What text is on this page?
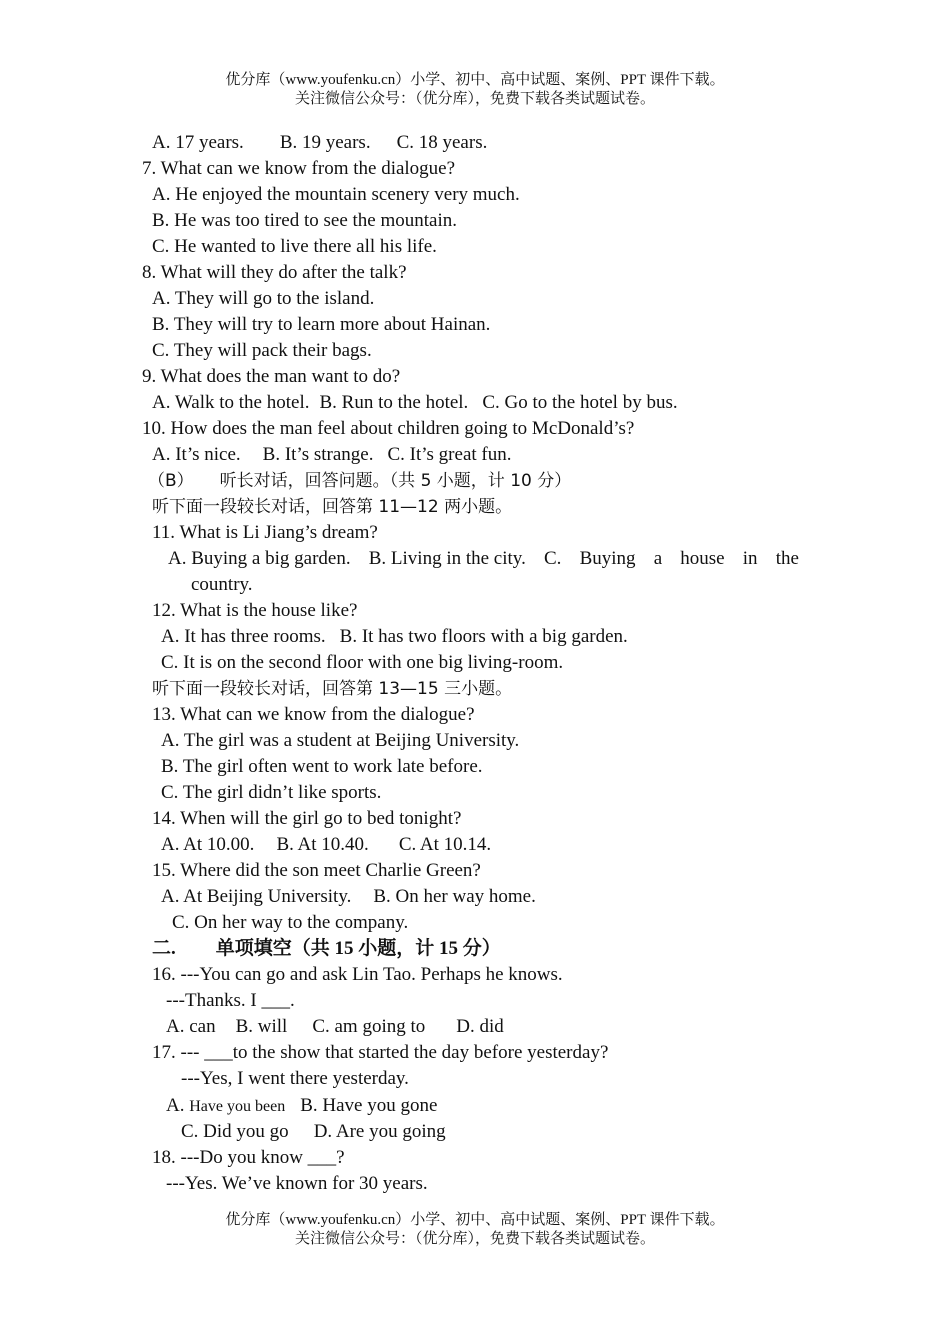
优分库（www.youfenku.cn）小学、初中、高中试题、案例、PPT 课件下载。
关注微信公众号：（优分库），免费下载各类试题试卷。
A. 17 years. B. 19 years. C. 18 years.
7. What can we know from the dialogue?
A. He enjoyed the mountain scenery very much.
B. He was too tired to see the mountain.
C. He wanted to live there all his life.
8. What will they do after the talk?
A. They will go to the island.
B. They will try to learn more about Hainan.
C. They will pack their bags.
9. What does the man want to do?
A. Walk to the hotel. B. Run to the hotel. C. Go to the hotel by bus.
10. How does the man feel about children going to McDonald’s?
A. It’s nice. B. It’s strange. C. It’s great fun.
（B） 听长对话，回答问题。（共 5 小题，计 10 分）
听下面一段较长对话，回答第 11—12 两小题。
11. What is Li Jiang’s dream?
A. Buying a big garden. B. Living in the city. C. Buying a house in the
country.
12. What is the house like?
A. It has three rooms. B. It has two floors with a big garden.
C. It is on the second floor with one big living-room.
听下面一段较长对话，回答第 13—15 三小题。
13. What can we know from the dialogue?
A. The girl was a student at Beijing University.
B. The girl often went to work late before.
C. The girl didn’t like sports.
14. When will the girl go to bed tonight?
A. At 10.00. B. At 10.40. C. At 10.14.
15. Where did the son meet Charlie Green?
A. At Beijing University. B. On her way home.
C. On her way to the company.
二. 单项填空（共 15 小题，计 15 分）
16. ---You can go and ask Lin Tao. Perhaps he knows.
---Thanks. I ___.
A. can B. will C. am going to D. did
17. --- ___to the show that started the day before yesterday?
---Yes, I went there yesterday.
A. Have you been B. Have you gone
C. Did you go D. Are you going
18. ---Do you know ___?
---Yes. We’ve known for 30 years.
优分库（www.youfenku.cn）小学、初中、高中试题、案例、PPT 课件下载。
关注微信公众号：（优分库），免费下载各类试题试卷。
